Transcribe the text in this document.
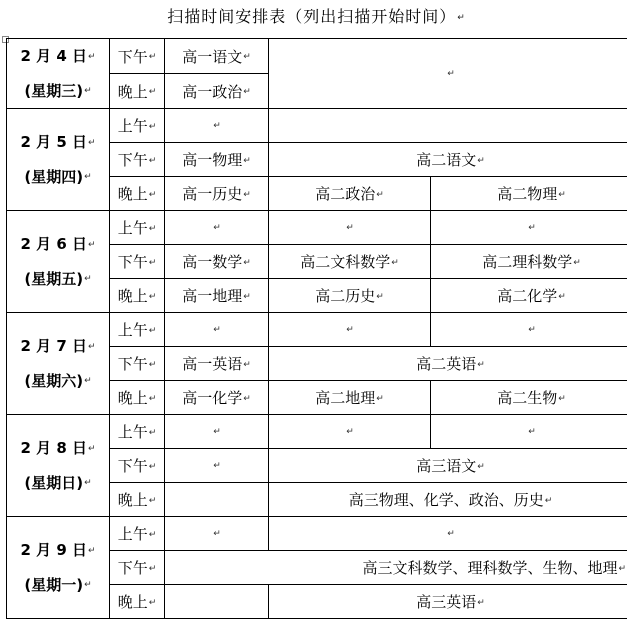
扫描时间安排表（列出扫描开始时间）↵
2 月 4 日↵
(星期三)↵	下午↵	高一语文↵	↵	
	晚上↵	高一政治↵		
2 月 5 日↵
(星期四)↵	上午↵	↵		
	下午↵	高一物理↵	高二语文↵	
	晚上↵	高一历史↵	高二政治↵	高二物理↵
2 月 6 日↵
(星期五)↵	上午↵	↵	↵	↵
	下午↵	高一数学↵	高二文科数学↵	高二理科数学↵
	晚上↵	高一地理↵	高二历史↵	高二化学↵
2 月 7 日↵
(星期六)↵	上午↵	↵	↵	↵
	下午↵	高一英语↵	高二英语↵	
	晚上↵	高一化学↵	高二地理↵	高二生物↵
2 月 8 日↵
(星期日)↵	上午↵	↵	↵	↵
	下午↵	↵	高三语文↵	
	晚上↵		高三物理、化学、政治、历史↵	
2 月 9 日↵
(星期一)↵	上午↵	↵	↵	
	下午↵	高三文科数学、理科数学、生物、地理↵		
	晚上↵		高三英语↵	
